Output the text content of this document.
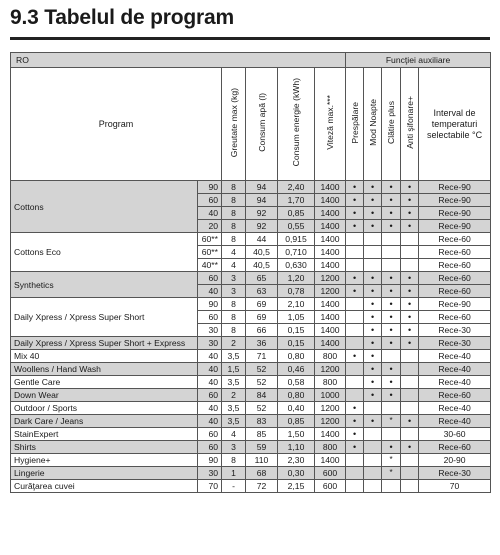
9.3 Tabelul de program
RO						Funcţiei auxiliare				
Program		Greutate max (kg)	Consum apă (l)	Consum energie (kWh)	Viteză max.***	Prespălare	Mod Noapte	Clătire plus	Anti şifonare+	Interval de temperaturi selectabile °C
Cottons	90	8	94	2,40	1400	•	•	•	•	Rece-90
	60	8	94	1,70	1400	•	•	•	•	Rece-90
	40	8	92	0,85	1400	•	•	•	•	Rece-90
	20	8	92	0,55	1400	•	•	•	•	Rece-90
Cottons Eco	60**	8	44	0,915	1400					Rece-60
	60**	4	40,5	0,710	1400					Rece-60
	40**	4	40,5	0,630	1400					Rece-60
Synthetics	60	3	65	1,20	1200	•	•	•	•	Rece-60
	40	3	63	0,78	1200	•	•	•	•	Rece-60
Daily Xpress / Xpress Super Short	90	8	69	2,10	1400		•	•	•	Rece-90
	60	8	69	1,05	1400		•	•	•	Rece-60
	30	8	66	0,15	1400		•	•	•	Rece-30
Daily Xpress / Xpress Super Short + Express	30	2	36	0,15	1400		•	•	•	Rece-30
Mix 40	40	3,5	71	0,80	800	•	•			Rece-40
Woollens / Hand Wash	40	1,5	52	0,46	1200		•	•		Rece-40
Gentle Care	40	3,5	52	0,58	800		•	•		Rece-40
Down Wear	60	2	84	0,80	1000		•	•		Rece-60
Outdoor / Sports	40	3,5	52	0,40	1200	•				Rece-40
Dark Care / Jeans	40	3,5	83	0,85	1200	•	•	*	•	Rece-40
StainExpert	60	4	85	1,50	1400	•				30-60
Shirts	60	3	59	1,10	800	•		•	•	Rece-60
Hygiene+	90	8	110	2,30	1400			*		20-90
Lingerie	30	1	68	0,30	600			*		Rece-30
Curăţarea cuvei	70	-	72	2,15	600					70
